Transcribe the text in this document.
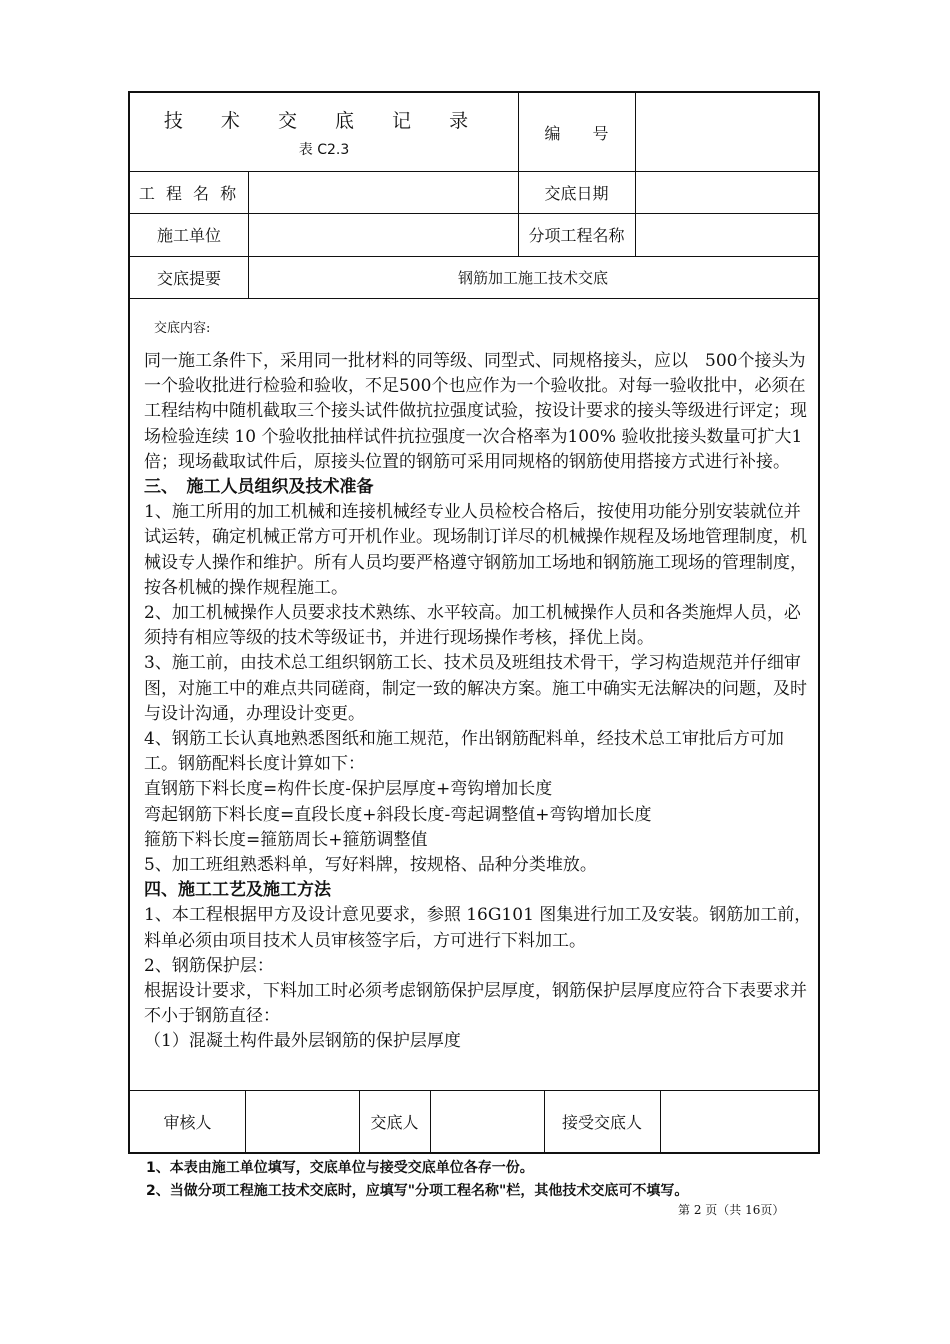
技 术 交 底 记 录
表 C2.3
编　　号
工 程 名 称	交底日期
施工单位	分项工程名称
交底提要	钢筋加工施工技术交底
交底内容:

同一施工条件下，采用同一批材料的同等级、同型式、同规格接头，应以　500个接头为一个验收批进行检验和验收，不足500个也应作为一个验收批。对每一验收批中，必须在工程结构中随机截取三个接头试件做抗拉强度试验，按设计要求的接头等级进行评定；现场检验连续 10 个验收批抽样试件抗拉强度一次合格率为100% 验收批接头数量可扩大1倍；现场截取试件后，原接头位置的钢筋可采用同规格的钢筋使用搭接方式进行补接。

三、　施工人员组织及技术准备

1、施工所用的加工机械和连接机械经专业人员检校合格后，按使用功能分别安装就位并试运转，确定机械正常方可开机作业。现场制订详尽的机械操作规程及场地管理制度，机械设专人操作和维护。所有人员均要严格遵守钢筋加工场地和钢筋施工现场的管理制度，按各机械的操作规程施工。

2、加工机械操作人员要求技术熟练、水平较高。加工机械操作人员和各类施焊人员，必须持有相应等级的技术等级证书，并进行现场操作考核，择优上岗。

3、施工前，由技术总工组织钢筋工长、技术员及班组技术骨干，学习构造规范并仔细审图，对施工中的难点共同磋商，制定一致的解决方案。施工中确实无法解决的问题，及时与设计沟通，办理设计变更。

4、钢筋工长认真地熟悉图纸和施工规范，作出钢筋配料单，经技术总工审批后方可加工。钢筋配料长度计算如下：

直钢筋下料长度=构件长度-保护层厚度+弯钩增加长度

弯起钢筋下料长度=直段长度+斜段长度-弯起调整值+弯钩增加长度

箍筋下料长度=箍筋周长+箍筋调整值

5、加工班组熟悉料单，写好料牌，按规格、品种分类堆放。

四、施工工艺及施工方法

1、本工程根据甲方及设计意见要求，参照 16G101 图集进行加工及安装。钢筋加工前，料单必须由项目技术人员审核签字后，方可进行下料加工。

2、钢筋保护层：

根据设计要求，下料加工时必须考虑钢筋保护层厚度，钢筋保护层厚度应符合下表要求并不小于钢筋直径：

（1）混凝土构件最外层钢筋的保护层厚度

审核人	交底人	接受交底人
1、本表由施工单位填写，交底单位与接受交底单位各存一份。
2、当做分项工程施工技术交底时，应填写"分项工程名称"栏，其他技术交底可不填写。
第 2 页（共 16页）
